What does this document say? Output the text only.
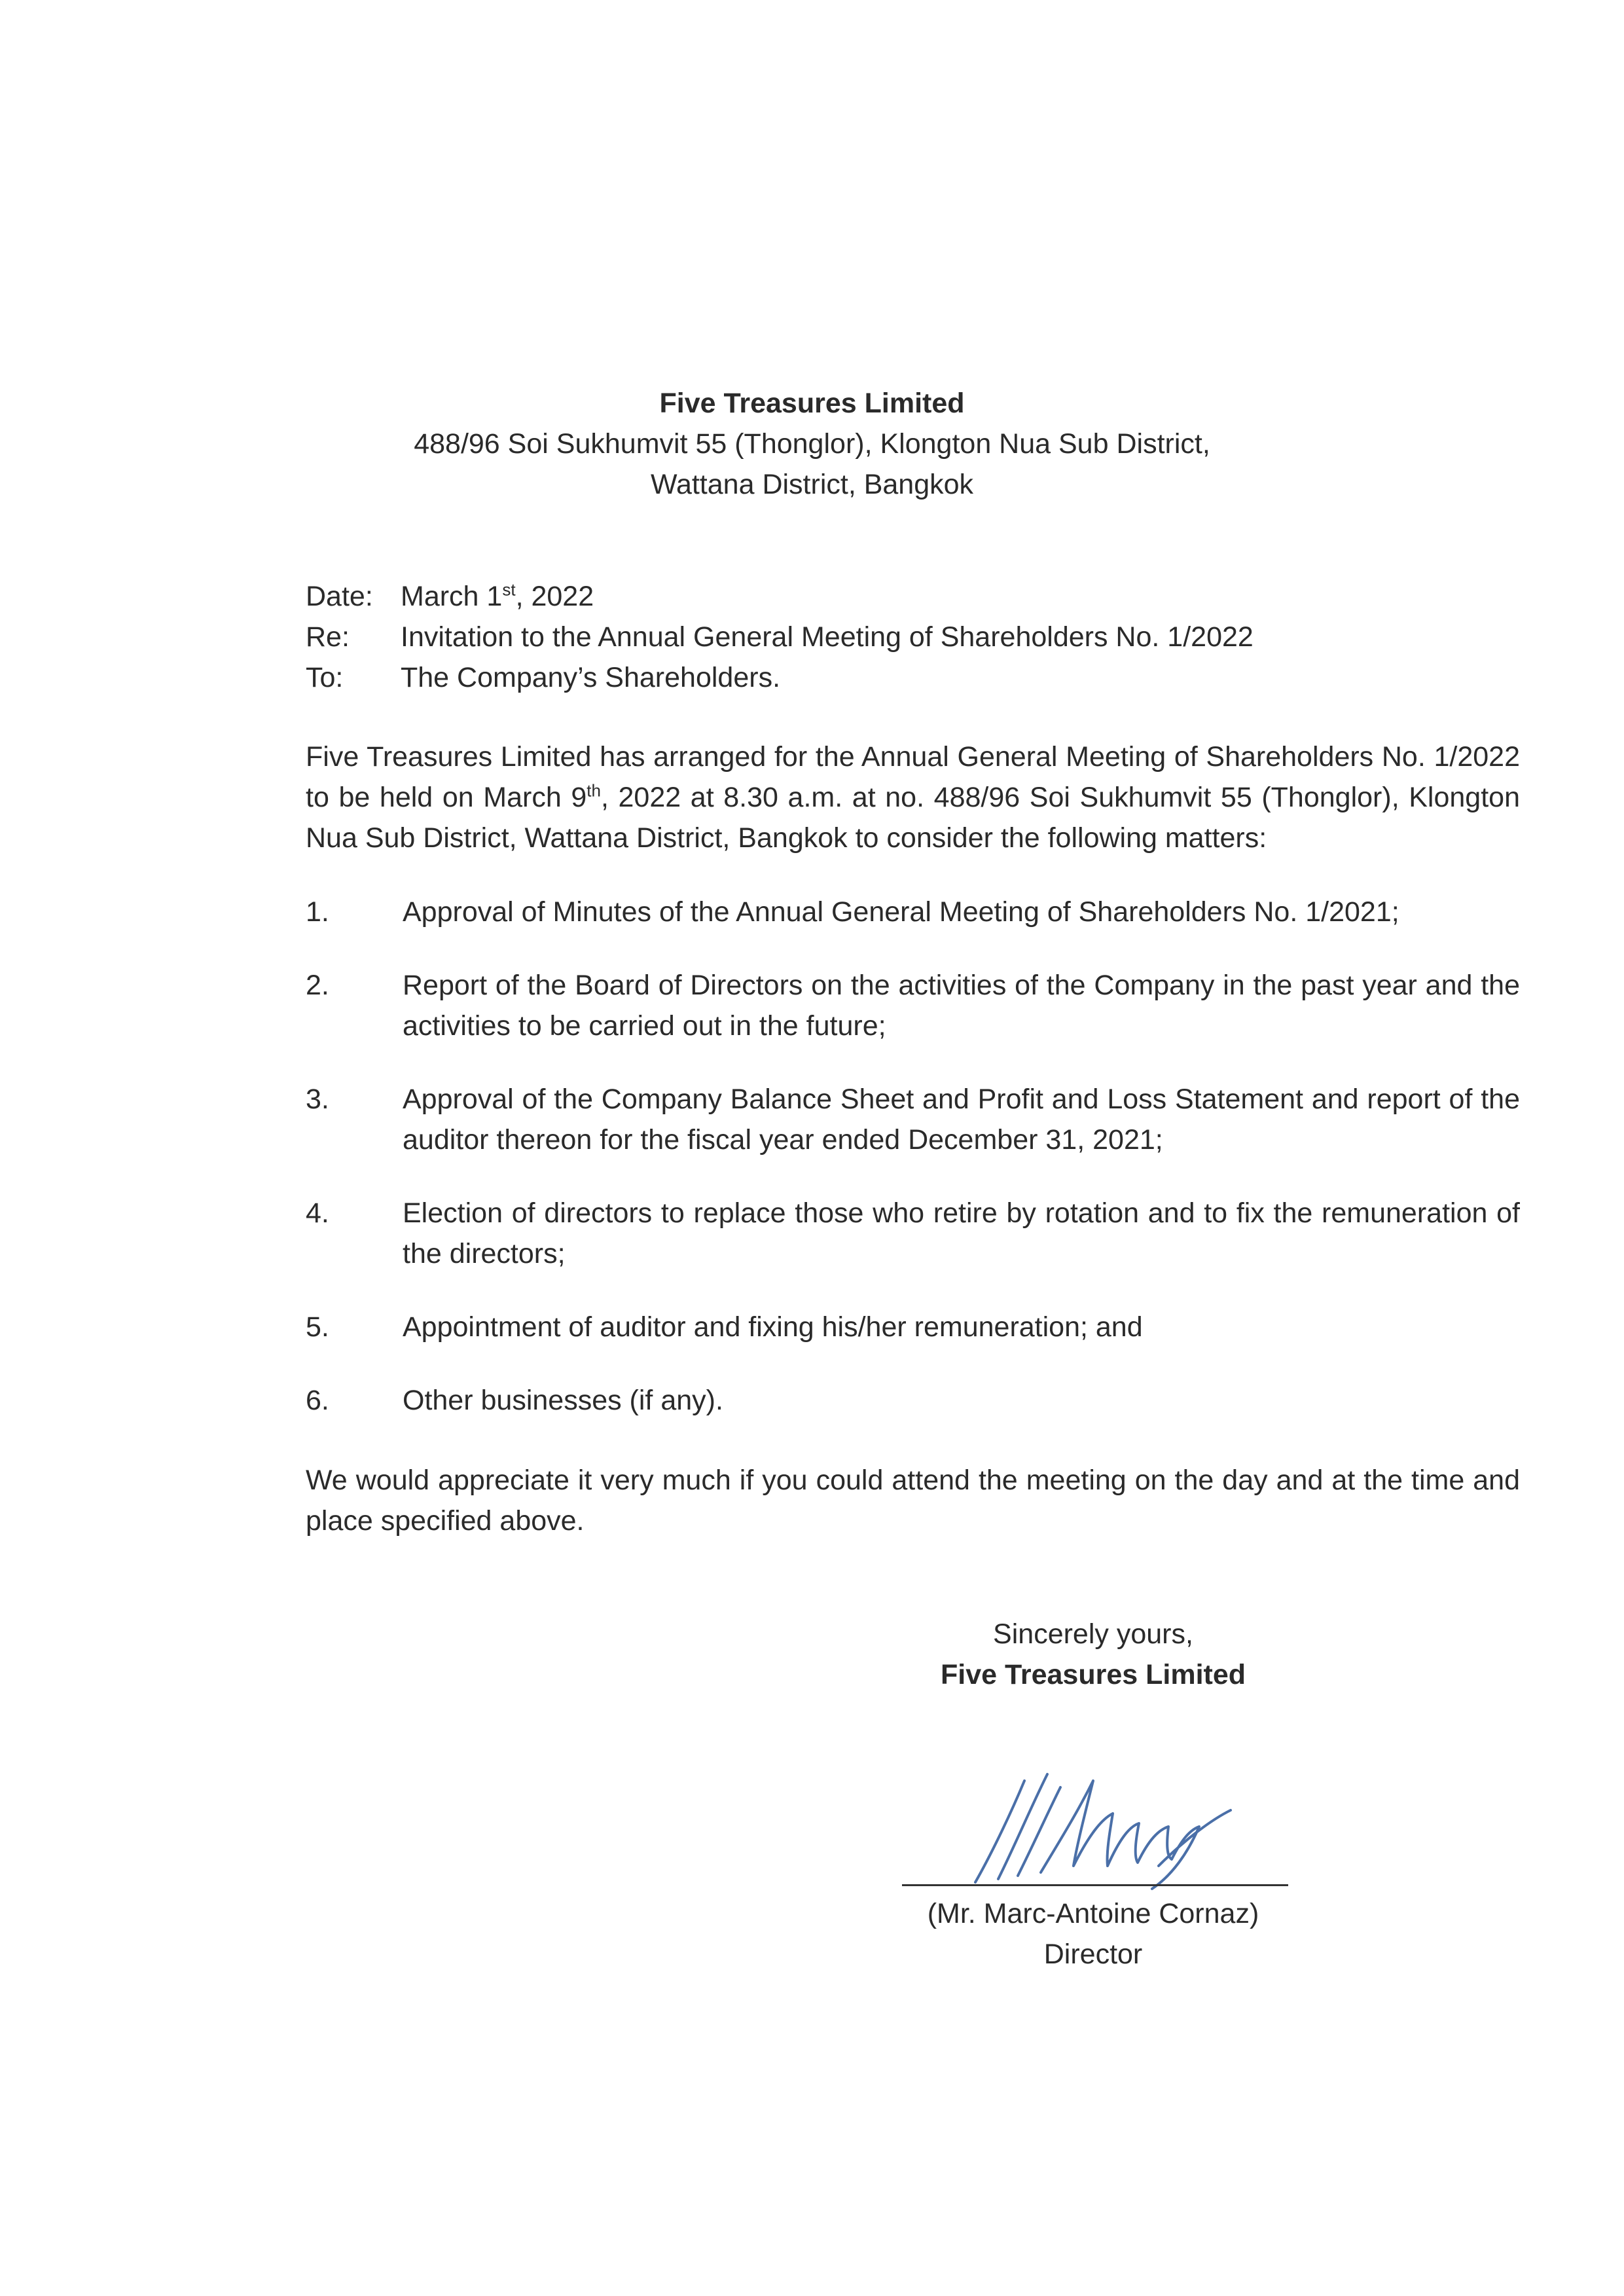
Five Treasures Limited
488/96 Soi Sukhumvit 55 (Thonglor), Klongton Nua Sub District,
Wattana District, Bangkok
Date: March 1st, 2022
Re:	Invitation to the Annual General Meeting of Shareholders No. 1/2022
To:	The Company’s Shareholders.
Five Treasures Limited has arranged for the Annual General Meeting of Shareholders No. 1/2022 to be held on March 9th, 2022 at 8.30 a.m. at no. 488/96 Soi Sukhumvit 55 (Thonglor), Klongton Nua Sub District, Wattana District, Bangkok to consider the following matters:
1.	Approval of Minutes of the Annual General Meeting of Shareholders No. 1/2021;
2.	Report of the Board of Directors on the activities of the Company in the past year and the activities to be carried out in the future;
3.	Approval of the Company Balance Sheet and Profit and Loss Statement and report of the auditor thereon for the fiscal year ended December 31, 2021;
4.	Election of directors to replace those who retire by rotation and to fix the remuneration of the directors;
5.	Appointment of auditor and fixing his/her remuneration; and
6.	Other businesses (if any).
We would appreciate it very much if you could attend the meeting on the day and at the time and place specified above.
Sincerely yours,
Five Treasures Limited
(Mr. Marc-Antoine Cornaz)
Director
